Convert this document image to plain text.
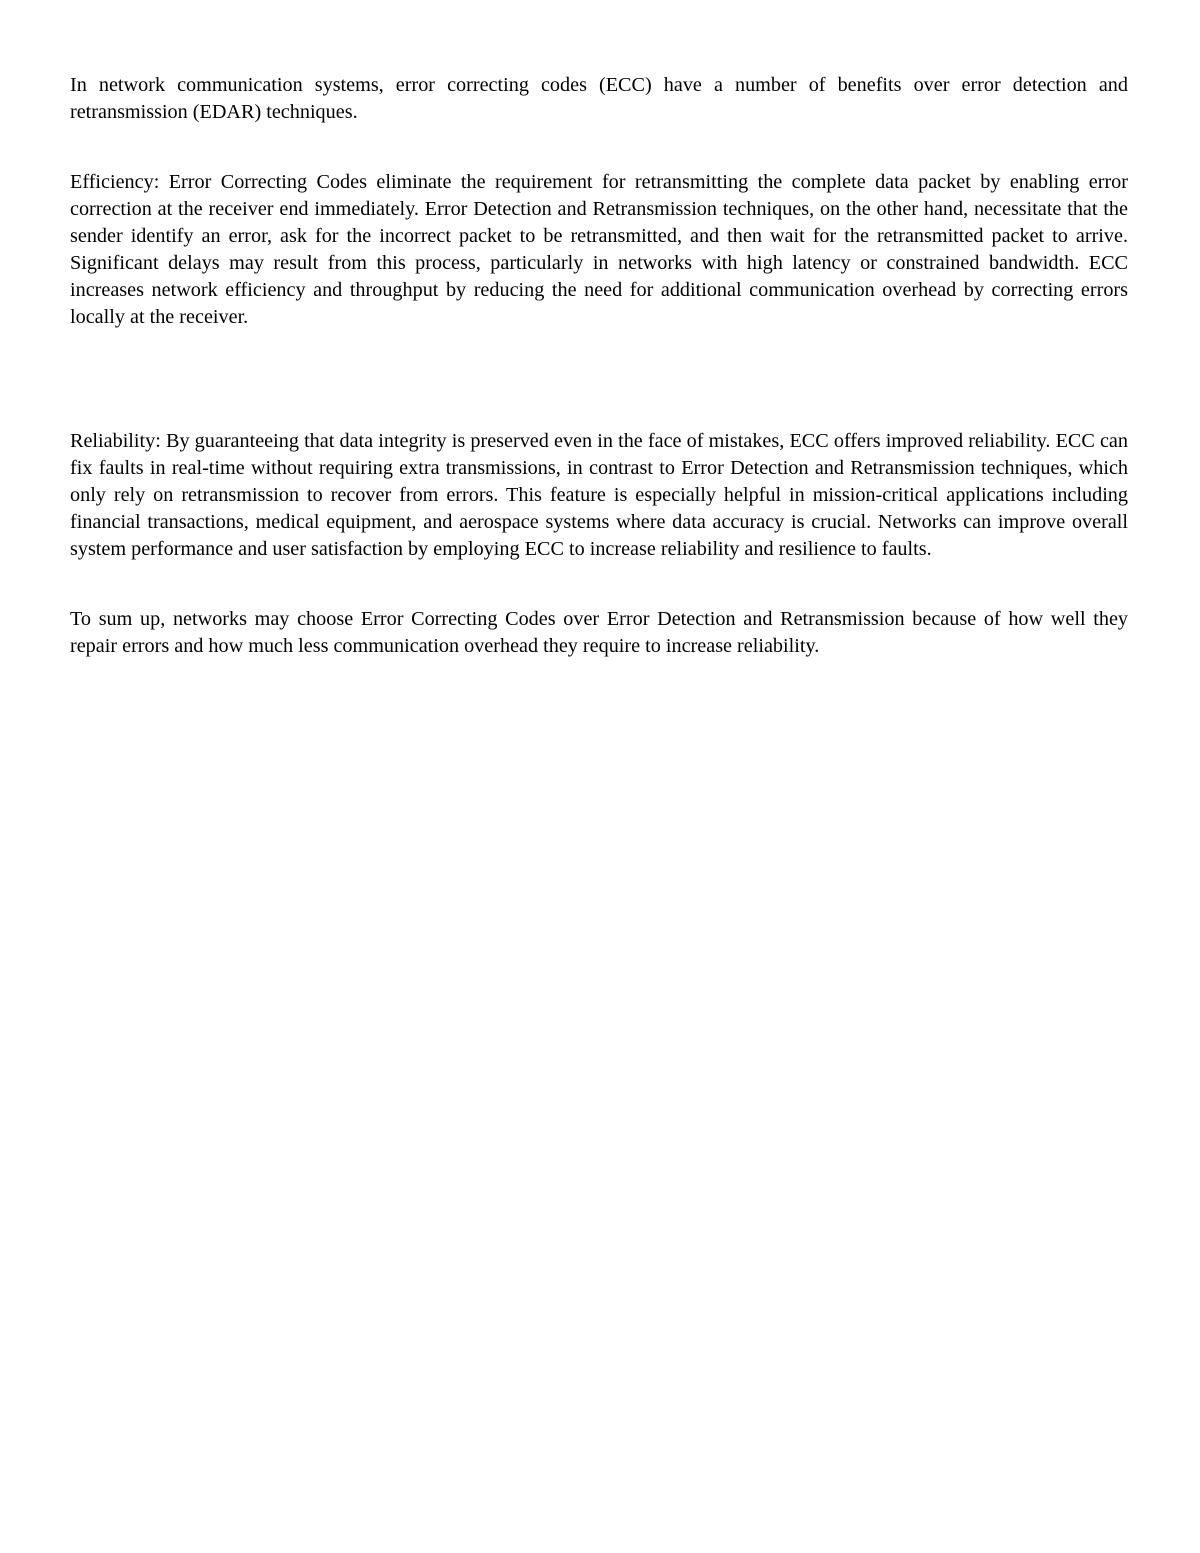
In network communication systems, error correcting codes (ECC) have a number of benefits over error detection and retransmission (EDAR) techniques.

Efficiency: Error Correcting Codes eliminate the requirement for retransmitting the complete data packet by enabling error correction at the receiver end immediately. Error Detection and Retransmission techniques, on the other hand, necessitate that the sender identify an error, ask for the incorrect packet to be retransmitted, and then wait for the retransmitted packet to arrive. Significant delays may result from this process, particularly in networks with high latency or constrained bandwidth. ECC increases network efficiency and throughput by reducing the need for additional communication overhead by correcting errors locally at the receiver.

Reliability: By guaranteeing that data integrity is preserved even in the face of mistakes, ECC offers improved reliability. ECC can fix faults in real-time without requiring extra transmissions, in contrast to Error Detection and Retransmission techniques, which only rely on retransmission to recover from errors. This feature is especially helpful in mission-critical applications including financial transactions, medical equipment, and aerospace systems where data accuracy is crucial. Networks can improve overall system performance and user satisfaction by employing ECC to increase reliability and resilience to faults.

To sum up, networks may choose Error Correcting Codes over Error Detection and Retransmission because of how well they repair errors and how much less communication overhead they require to increase reliability.
